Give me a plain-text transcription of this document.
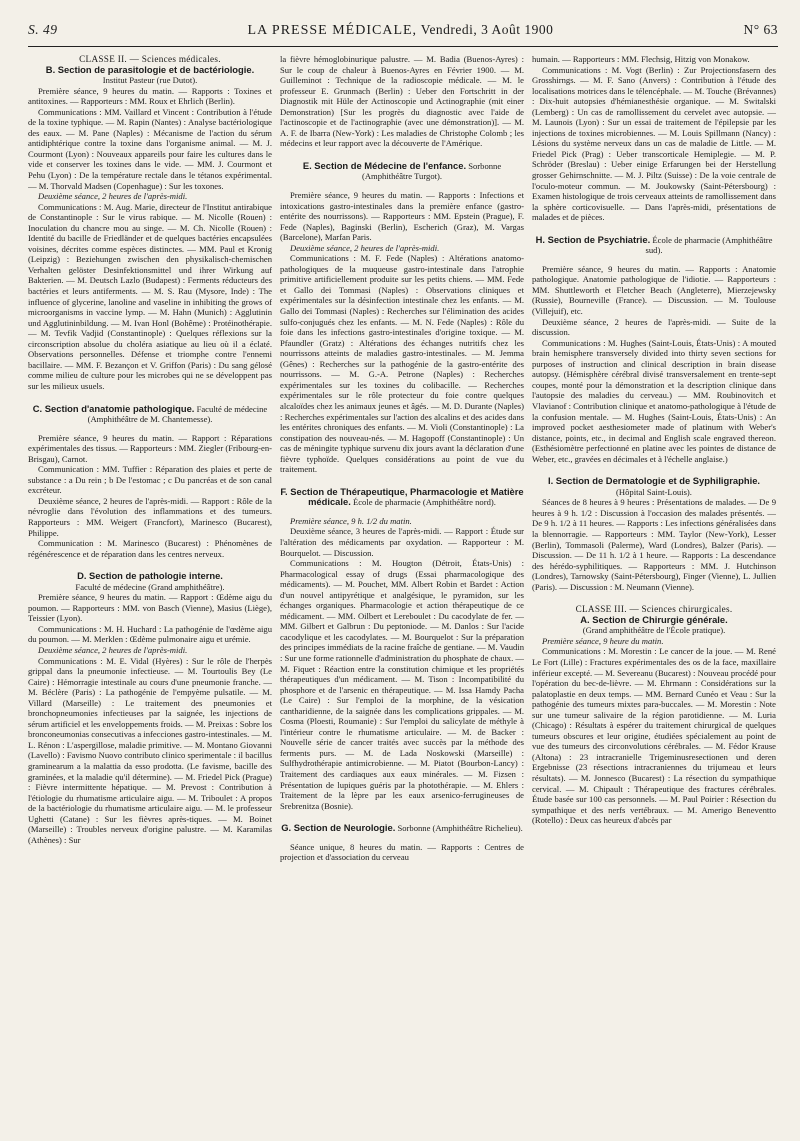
S. 49	LA PRESSE MÉDICALE, Vendredi, 3 Août 1900	N° 63

CLASSE II. — Sciences médicales.

B. Section de parasitologie et de bactériologie.

Institut Pasteur (rue Dutot).

Première séance, 9 heures du matin. — Rapports : Toxines et antitoxines. — Rapporteurs : MM. Roux et Ehrlich (Berlin).

Communications : MM. Vaillard et Vincent : Contribution à l'étude de la toxine typhique. — M. Rapin (Nantes) : Analyse bactériologique des eaux. — M. Pane (Naples) : Mécanisme de l'action du sérum antidiphtérique contre la toxine dans l'organisme animal. — M. J. Courmont (Lyon) : Nouveaux appareils pour faire les cultures dans le vide et conserver les toxines dans le vide. — MM. J. Courmont et Pehu (Lyon) : De la température rectale dans le tétanos expérimental. — M. Thorvald Madsen (Copenhague) : Sur les toxones.

Deuxième séance, 2 heures de l'après-midi.

Communications : M. Aug. Marie, directeur de l'Institut antirabique de Constantinople : Sur le virus rabique. — M. Nicolle (Rouen) : Inoculation du chancre mou au singe. — M. Ch. Nicolle (Rouen) : Identité du bacille de Friedländer et de quelques bactéries encapsulées voisines, décrites comme espèces distinctes. — MM. Paul et Kronig (Leipzig) : Beziehungen zwischen den physikalisch-chemischen Verhalten gelöster Desinfektionsmittel und ihrer Wirkung auf Bakterien. — M. Deutsch Lazlo (Budapest) : Ferments réducteurs des bactéries et leurs antiferments. — M. S. Rau (Mysore, Inde) : The influence of glycerine, lanoline and vaseline in inhibiting the grows of microorganisms in vaccine lymp. — M. Hahn (Munich) : Agglutinin und Agglutininbildung. — M. Ivan Honl (Bohême) : Protéinothérapie. — M. Tevfik Vadjid (Constantinople) : Quelques réflexions sur la circonscription absolue du choléra asiatique au lieu où il a éclaté. Observations personnelles. Défense et triomphe contre l'ennemi bacillaire. — MM. F. Bezançon et V. Griffon (Paris) : Du sang gélosé comme milieu de culture pour les microbes qui ne se développent pas sur les milieux usuels.

C. Section d'anatomie pathologique. Faculté de médecine (Amphithéâtre de M. Chantemesse).

Première séance, 9 heures du matin. — Rapport : Réparations expérimentales des tissus. — Rapporteurs : MM. Ziegler (Fribourg-en-Brisgau), Carnot.

Communication : MM. Tuffier : Réparation des plaies et perte de substance : a Du rein ; b De l'estomac ; c Du pancréas et de son canal excréteur.

Deuxième séance, 2 heures de l'après-midi. — Rapport : Rôle de la névroglie dans l'évolution des inflammations et des tumeurs. Rapporteurs : MM. Weigert (Francfort), Marinesco (Bucarest), Philippe.

Communication : M. Marinesco (Bucarest) : Phénomènes de régénérescence et de réparation dans les centres nerveux.

D. Section de pathologie interne.

Faculté de médecine (Grand amphithéâtre).

Première séance, 9 heures du matin. — Rapport : Œdème aigu du poumon. — Rapporteurs : MM. von Basch (Vienne), Masius (Liège), Teissier (Lyon).

Communications : M. H. Huchard : La pathogénie de l'œdème aigu du poumon. — M. Merklen : Œdème pulmonaire aigu et urémie.

Deuxième séance, 2 heures de l'après-midi.

Communications : M. E. Vidal (Hyères) : Sur le rôle de l'herpès grippal dans la pneumonie infectieuse. — M. Tourtoulis Bey (Le Caire) : Hémorragie intestinale au cours d'une pneumonie franche. — M. Béclère (Paris) : La pathogénie de l'empyème pulsatile. — M. Villard (Marseille) : Le traitement des pneumonies et bronchopneumonies infectieuses par la saignée, les injections de sérum artificiel et les enveloppements froids. — M. Preixas : Sobre los bronconeumonias consecutivas a infecciones gastro-intestinales. — M. L. Rénon : L'aspergillose, maladie primitive. — M. Montano Giovanni (Lavello) : Favismo Nuovo contributo clinico sperimentale : il bacillus graminearum a la malattia da esso prodotta. (Le favisme, bacille des graminées, et la maladie qu'il détermine). — M. Friedel Pick (Prague) : Fièvre intermittente hépatique. — M. Prevost : Contribution à l'étiologie du rhumatisme articulaire aigu. — M. Triboulet : A propos de la bactériologie du rhumatisme articulaire aigu. — M. le professeur Ughetti (Catane) : Sur les fièvres après-tiques. — M. Boinet (Marseille) : Troubles nerveux d'origine palustre. — M. Karamilas (Athènes) : Sur

la fièvre hémoglobinurique palustre. — M. Badia (Buenos-Ayres) : Sur le coup de chaleur à Buenos-Ayres en Février 1900. — M. Guilleminot : Technique de la radioscopie médicale. — M. le professeur E. Grunmach (Berlin) : Ueber den Fortschritt in der Diagnostik mit Hüle der Actinoscopie und Actinographie (mit einer Demonstration) [Sur les progrès du diagnostic avec l'aide de l'actinoscopie et de l'actinographie (avec une démonstration)]. — M. A. F. de Ibarra (New-York) : Les maladies de Christophe Colomb ; les médecins et leur rapport avec la découverte de l'Amérique.

E. Section de Médecine de l'enfance. Sorbonne (Amphithéâtre Turgot).

Première séance, 9 heures du matin. — Rapports : Infections et intoxications gastro-intestinales dans la première enfance (gastro-entérite des nourrissons). — Rapporteurs : MM. Epstein (Prague), F. Fede (Naples), Baginski (Berlin), Escherich (Graz), M. Vargas (Barcelone), Marfan Paris.

Deuxième séance, 2 heures de l'après-midi.

Communications : M. F. Fede (Naples) : Altérations anatomo-pathologiques de la muqueuse gastro-intestinale dans l'atrophie primitive artificiellement produite sur les petits chiens. — MM. Fede et Gallo dei Tommasi (Naples) : Observations cliniques et expérimentales sur la désinfection intestinale chez les enfants. — M. Gallo dei Tommasi (Naples) : Recherches sur l'élimination des acides sulfo-conjugués chez les enfants. — M. N. Fede (Naples) : Rôle du foie dans les infections gastro-intestinales d'origine toxique. — M. Pfaundler (Gratz) : Altérations des échanges nutritifs chez les nourrissons atteints de maladies gastro-intestinales. — M. Jemma (Gênes) : Recherches sur la pathogénie de la gastro-entérite des nourrissons. — M. G.-A. Petrone (Naples) : Recherches expérimentales sur les toxines du colibacille. — Recherches expérimentales sur le rôle protecteur du foie contre quelques alcaloïdes chez les animaux jeunes et âgés. — M. D. Durante (Naples) : Recherches expérimentales sur l'action des alcalins et des acides dans les entérites chroniques des enfants. — M. Violi (Constantinople) : La constipation des nouveau-nés. — M. Hagopoff (Constantinople) : Un cas de méningite typhique survenu dix jours avant la déclaration d'une fièvre typhoïde. Quelques considérations au point de vue du traitement.

F. Section de Thérapeutique, Pharmacologie et Matière médicale. École de pharmacie (Amphithéâtre nord).

Première séance, 9 h. 1/2 du matin.

Deuxième séance, 3 heures de l'après-midi. — Rapport : Étude sur l'altération des médicaments par oxydation. — Rapporteur : M. Bourquelot. — Discussion.

Communications : M. Hougton (Détroit, États-Unis) : Pharmacological essay of drugs (Essai pharmacologique des médicaments). — M. Pouchet, MM. Albert Robin et Bardet : Action d'un nouvel antipyrétique et analgésique, le pyramidon, sur les échanges organiques. Pharmacologie et action thérapeutique de ce médicament. — MM. Oilbert et Lereboulet : Du cacodylate de fer. — MM. Gilbert et Galbrun : Du peptoniode. — M. Danlos : Sur l'acide cacodylique et les cacodylates. — M. Bourquelot : Sur la préparation des principes immédiats de la racine fraîche de gentiane. — M. Vaudin : Sur une forme rationnelle d'administration du phosphate de chaux. — M. Fiquet : Réaction entre la constitution chimique et les propriétés thérapeutiques d'un médicament. — M. Tison : Incompatibilité du phosphore et de l'arsenic en thérapeutique. — M. Issa Hamdy Pacha (Le Caire) : Sur l'emploi de la morphine, de la vésication cantharidienne, de la saignée dans les complications grippales. — M. Cosma (Ploesti, Roumanie) : Sur l'emploi du salicylate de méthyle à l'intérieur contre le rhumatisme articulaire. — M. de Backer : Nouvelle série de cancer traités avec succès par la méthode des ferments purs. — M. de Lada Noskowski (Marseille) : Sulfhydrothérapie antimicrobienne. — M. Piatot (Bourbon-Lancy) : Traitement des cardiaques aux eaux minérales. — M. Fizsen : Présentation de lupiques guéris par la photothérapie. — M. Ehlers : Traitement de la lèpre par les eaux arsenico-ferrugineuses de Srebrenitza (Bosnie).

G. Section de Neurologie. Sorbonne (Amphithéâtre Richelieu).

Séance unique, 8 heures du matin. — Rapports : Centres de projection et d'association du cerveau

humain. — Rapporteurs : MM. Flechsig, Hitzig von Monakow.

Communications : M. Vogt (Berlin) : Zur Projectionsfasern des Grosshirngs. — M. F. Sano (Anvers) : Contribution à l'étude des localisations motrices dans le télencéphale. — M. Touche (Brévannes) : Dix-huit autopsies d'hémianesthésie organique. — M. Switalski (Lemberg) : Un cas de ramollissement du cervelet avec autopsie. — M. Launois (Lyon) : Sur un essai de traitement de l'épilepsie par les injections de toxines microbiennes. — M. Louis Spillmann (Nancy) : Lésions du système nerveux dans un cas de maladie de Little. — M. Friedel Pick (Prag) : Ueber transcorticale Hemiplegie. — M. P. Schröder (Breslau) : Ueber einige Erfarungen bei der Herstellung grosser Gehirnschnitte. — M. J. Piltz (Suisse) : De la voie centrale de l'oculo-moteur commun. — M. Joukowsky (Saint-Pétersbourg) : Examen histologique de trois cerveaux atteints de ramollissement dans la sphère corticovisuelle. — Dans l'après-midi, présentations de malades et de pièces.

H. Section de Psychiatrie. École de pharmacie (Amphithéâtre sud).

Première séance, 9 heures du matin. — Rapports : Anatomie pathologique. Anatomie pathologique de l'idiotie. — Rapporteurs : MM. Shuttleworth et Fletcher Beach (Angleterre), Mierzejewsky (Russie), Bourneville (France). — Discussion. — M. Toulouse (Villejuif), etc.

Deuxième séance, 2 heures de l'après-midi. — Suite de la discussion.

Communications : M. Hughes (Saint-Louis, États-Unis) : A mouted brain hemisphere transversely divided into thirty seven sections for purposes of instruction and clinical description in brain disease autopsy. (Hémisphère cérébral divisé transversalement en trente-sept coupes, monté pour la démonstration et la description clinique dans l'autopsie des maladies du cerveau.) — MM. Roubinovitch et Vlavianof : Contribution clinique et anatomo-pathologique à l'étude de la confusion mentale. — M. Hughes (Saint-Louis, États-Unis) : An improved pocket aesthesiometer made of platinum with Weber's distance, points, etc., in decimal and English scale engraved thereon. (Esthésiomètre perfectionné en platine avec les pointes de distance de Weber, etc., gravées en décimales et à l'échelle anglaise.)

I. Section de Dermatologie et de Syphiligraphie.

(Hôpital Saint-Louis).

Séances de 8 heures à 9 heures : Présentations de malades. — De 9 heures à 9 h. 1/2 : Discussion à l'occasion des malades présentés. — De 9 h. 1/2 à 11 heures. — Rapports : Les infections généralisées dans la blennorragie. — Rapporteurs : MM. Taylor (New-York), Lesser (Berlin), Tommasoli (Palerme), Ward (Londres), Balzer (Paris). — Discussion. — De 11 h. 1/2 à 1 heure. — Rapports : La descendance des hérédo-syphilitiques. — Rapporteurs : MM. J. Hutchinson (Londres), Tarnowsky (Saint-Pétersbourg), Finger (Vienne), L. Jullien (Paris). — Discussion : M. Neumann (Vienne).

CLASSE III. — Sciences chirurgicales.

A. Section de Chirurgie générale.

(Grand amphithéâtre de l'École pratique).

Première séance, 9 heure du matin.

Communications : M. Morestin : Le cancer de la joue. — M. René Le Fort (Lille) : Fractures expérimentales des os de la face, maxillaire inférieur excepté. — M. Severeanu (Bucarest) : Nouveau procédé pour l'opération du bec-de-lièvre. — M. Ehrmann : Considérations sur la palatoplastie en deux temps. — MM. Bernard Cunéo et Veau : Sur la pathogénie des tumeurs mixtes para-buccales. — M. Morestin : Note sur une tumeur salivaire de la région parotidienne. — M. Luria (Chicago) : Résultats à espérer du traitement chirurgical de quelques tumeurs obscures et leur origine, étudiées spécialement au point de vue des tumeurs des circonvolutions cérébrales. — M. Fédor Krause (Altona) : 23 intracranielle Trigeminusresectionen und deren Ergebnisse (23 résections intracraniennes du trijumeau et leurs résultats). — M. Jonnesco (Bucarest) : La résection du sympathique cervical. — M. Chipault : Thérapeutique des fractures cérébrales. Étude basée sur 100 cas personnels. — M. Paul Poirier : Résection du sympathique et des nerfs vertébraux. — M. Amerigo Beneventto (Rotello) : Deux cas heureux d'abcès par
